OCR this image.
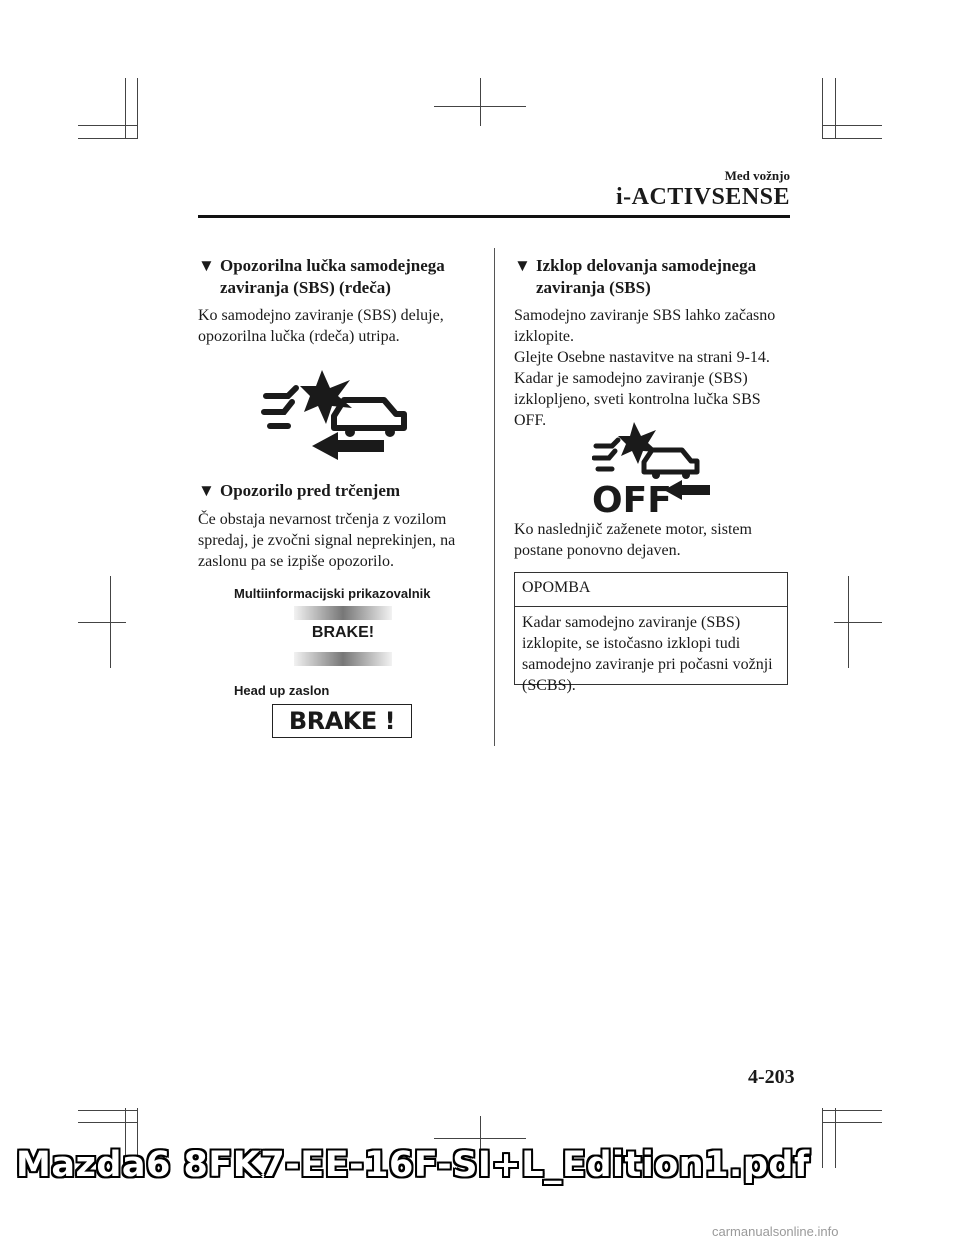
Med vožnjo
i-ACTIVSENSE
▼ Opozorilna lučka samodejnega
zaviranja (SBS) (rdeča)
Ko samodejno zaviranje (SBS) deluje,
opozorilna lučka (rdeča) utripa.
▼ Opozorilo pred trčenjem
Če obstaja nevarnost trčenja z vozilom
spredaj, je zvočni signal neprekinjen, na
zaslonu pa se izpiše opozorilo.
Multiinformacijski prikazovalnik
BRAKE!
Head up zaslon
BRAKE !
▼ Izklop delovanja samodejnega
zaviranja (SBS)
Samodejno zaviranje SBS lahko začasno
izklopite.
Glejte Osebne nastavitve na strani 9-14.
Kadar je samodejno zaviranje (SBS)
izklopljeno, sveti kontrolna lučka SBS
OFF.
OFF
Ko naslednjič zaženete motor, sistem
postane ponovno dejaven.
OPOMBA
Kadar samodejno zaviranje (SBS)
izklopite, se istočasno izklopi tudi
samodejno zaviranje pri počasni vožnji
(SCBS).
4-203
Mazda6 8FK7-EE-16F-SI+L_Edition1.pdf
carmanualsonline.info
